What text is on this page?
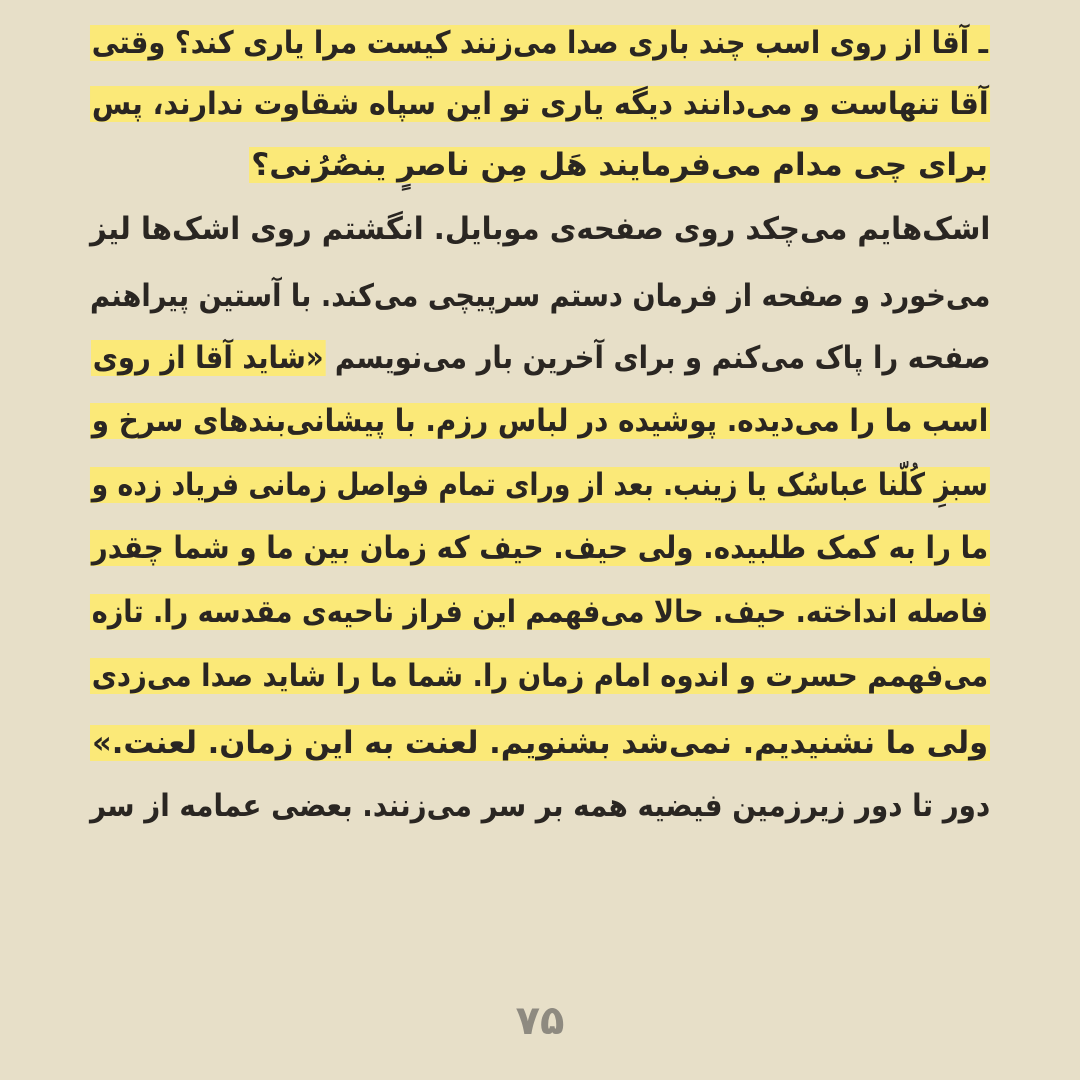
ـ آقا از روی اسب چند باری صدا می‌زنند کیست مرا یاری کند؟ وقتی
آقا تنهاست و می‌دانند دیگه یاری تو این سپاه شقاوت ندارند، پس
برای چی مدام می‌فرمایند هَل مِن ناصرٍ ینصُرُنی؟
اشک‌هایم می‌چکد روی صفحه‌ی موبایل. انگشتم روی اشک‌ها لیز
می‌خورد و صفحه از فرمان دستم سرپیچی می‌کند. با آستین پیراهنم
صفحه را پاک می‌کنم و برای آخرین بار می‌نویسم «شاید آقا از روی
اسب ما را می‌دیده. پوشیده در لباس رزم. با پیشانی‌بندهای سرخ و
سبزِ کُلّنا عباسُک یا زینب. بعد از ورای تمام فواصل زمانی فریاد زده و
ما را به کمک طلبیده. ولی حیف. حیف که زمان بین ما و شما چقدر
فاصله انداخته. حیف. حالا می‌فهمم این فراز ناحیه‌ی مقدسه را. تازه
می‌فهمم حسرت و اندوه امام زمان را. شما ما را شاید صدا می‌زدی
ولی ما نشنیدیم. نمی‌شد بشنویم. لعنت به این زمان. لعنت.»
دور تا دور زیرزمین فیضیه همه بر سر می‌زنند. بعضی عمامه از سر
۷۵
